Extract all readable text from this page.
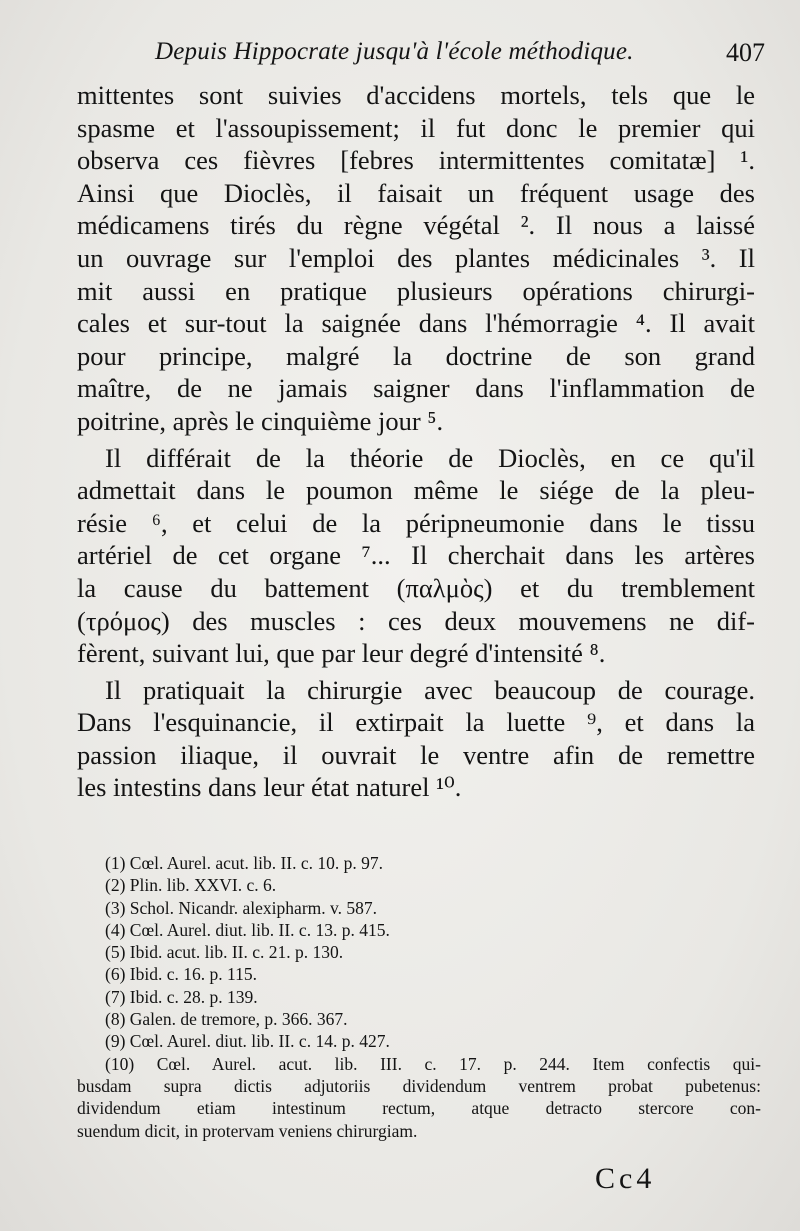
Depuis Hippocrate jusqu'à l'école méthodique.	407
mittentes sont suivies d'accidens mortels, tels que le
spasme et l'assoupissement; il fut donc le premier qui
observa ces fièvres [febres intermittentes comitatæ] ¹.
Ainsi que Dioclès, il faisait un fréquent usage des
médicamens tirés du règne végétal ². Il nous a laissé
un ouvrage sur l'emploi des plantes médicinales ³. Il
mit aussi en pratique plusieurs opérations chirurgi-
cales et sur-tout la saignée dans l'hémorragie ⁴. Il avait
pour principe, malgré la doctrine de son grand
maître, de ne jamais saigner dans l'inflammation de
poitrine, après le cinquième jour ⁵.
Il différait de la théorie de Dioclès, en ce qu'il
admettait dans le poumon même le siége de la pleu-
résie ⁶, et celui de la péripneumonie dans le tissu
artériel de cet organe ⁷... Il cherchait dans les artères
la cause du battement (παλμὸς) et du tremblement
(τρόμος) des muscles : ces deux mouvemens ne dif-
fèrent, suivant lui, que par leur degré d'intensité ⁸.
Il pratiquait la chirurgie avec beaucoup de courage.
Dans l'esquinancie, il extirpait la luette ⁹, et dans la
passion iliaque, il ouvrait le ventre afin de remettre
les intestins dans leur état naturel ¹⁰.
(1) Cœl. Aurel. acut. lib. II. c. 10. p. 97.
(2) Plin. lib. XXVI. c. 6.
(3) Schol. Nicandr. alexipharm. v. 587.
(4) Cœl. Aurel. diut. lib. II. c. 13. p. 415.
(5) Ibid. acut. lib. II. c. 21. p. 130.
(6) Ibid. c. 16. p. 115.
(7) Ibid. c. 28. p. 139.
(8) Galen. de tremore, p. 366. 367.
(9) Cœl. Aurel. diut. lib. II. c. 14. p. 427.
(10) Cœl. Aurel. acut. lib. III. c. 17. p. 244. Item confectis qui-
busdam supra dictis adjutoriis dividendum ventrem probat pubetenus:
dividendum etiam intestinum rectum, atque detracto stercore con-
suendum dicit, in protervam veniens chirurgiam.
Cc4
